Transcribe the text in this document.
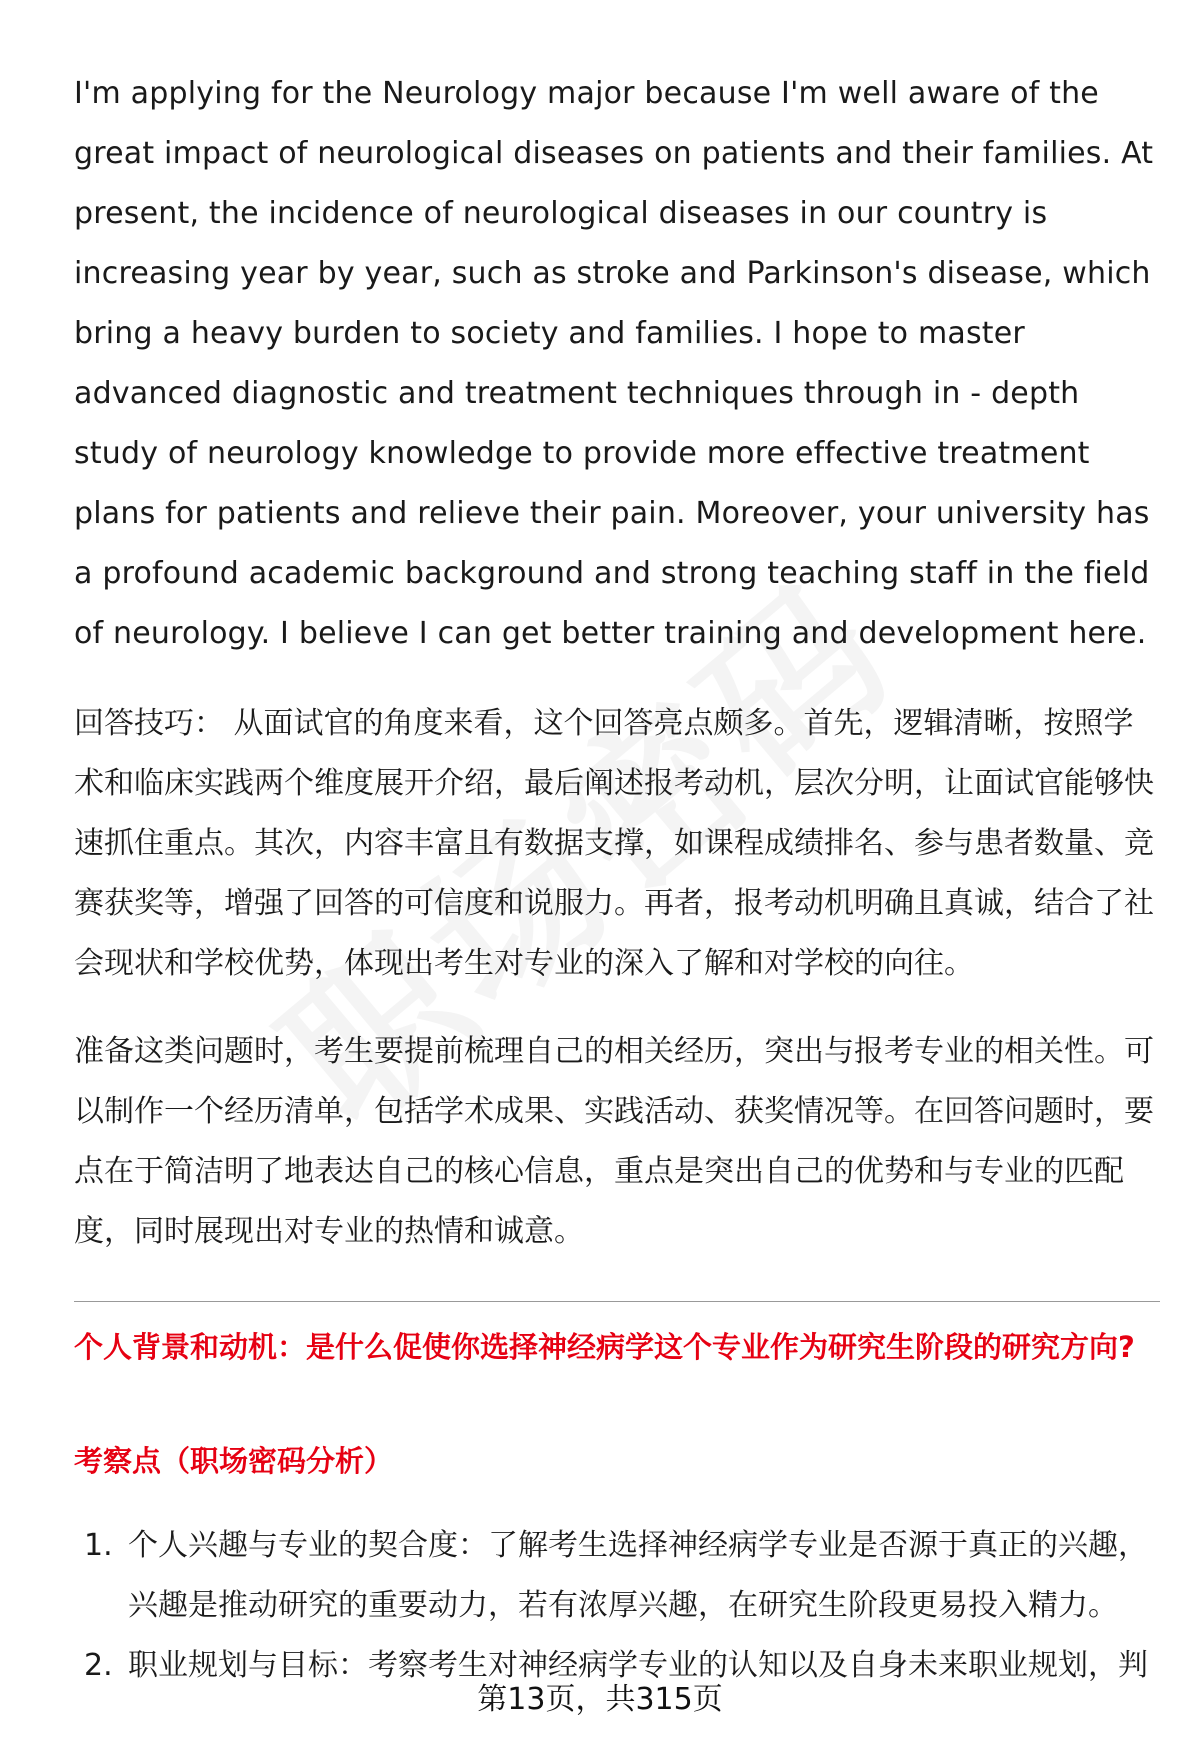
I'm applying for the Neurology major because I'm well aware of the great impact of neurological diseases on patients and their families. At present, the incidence of neurological diseases in our country is increasing year by year, such as stroke and Parkinson's disease, which bring a heavy burden to society and families. I hope to master advanced diagnostic and treatment techniques through in - depth study of neurology knowledge to provide more effective treatment plans for patients and relieve their pain. Moreover, your university has a profound academic background and strong teaching staff in the field of neurology. I believe I can get better training and development here.

回答技巧： 从面试官的角度来看，这个回答亮点颇多。首先，逻辑清晰，按照学术和临床实践两个维度展开介绍，最后阐述报考动机，层次分明，让面试官能够快速抓住重点。其次，内容丰富且有数据支撑，如课程成绩排名、参与患者数量、竞赛获奖等，增强了回答的可信度和说服力。再者，报考动机明确且真诚，结合了社会现状和学校优势，体现出考生对专业的深入了解和对学校的向往。

准备这类问题时，考生要提前梳理自己的相关经历，突出与报考专业的相关性。可以制作一个经历清单，包括学术成果、实践活动、获奖情况等。在回答问题时，要点在于简洁明了地表达自己的核心信息，重点是突出自己的优势和与专业的匹配度，同时展现出对专业的热情和诚意。

个人背景和动机：是什么促使你选择神经病学这个专业作为研究生阶段的研究方向?
考察点（职场密码分析）
1. 个人兴趣与专业的契合度：了解考生选择神经病学专业是否源于真正的兴趣，兴趣是推动研究的重要动力，若有浓厚兴趣，在研究生阶段更易投入精力。
2. 职业规划与目标：考察考生对神经病学专业的认知以及自身未来职业规划，判
第13页，共315页
